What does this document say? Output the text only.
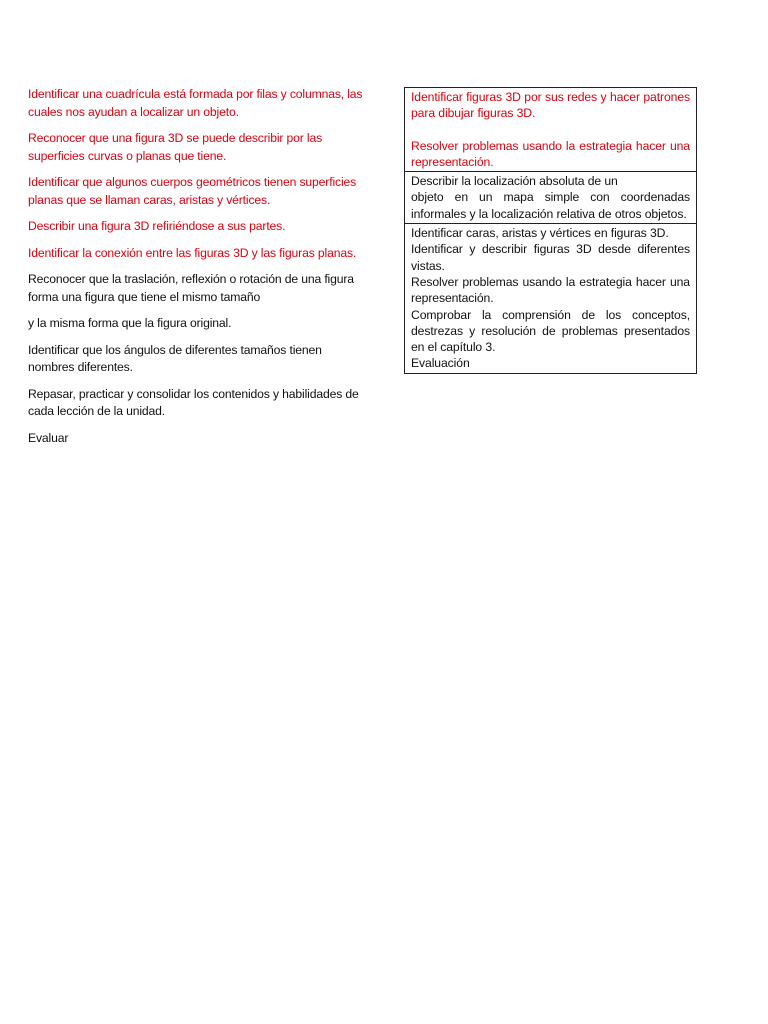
Identificar una cuadrícula está formada por filas y columnas, las cuales nos ayudan a localizar un objeto.

Reconocer que una figura 3D se puede describir por las superficies curvas o planas que tiene.

Identificar que algunos cuerpos geométricos tienen superficies planas que se llaman caras, aristas y vértices.

Describir una figura 3D refiriéndose a sus partes.

Identificar la conexión entre las figuras 3D y las figuras planas.

Reconocer que la traslación, reflexión o rotación de una figura forma una figura que tiene el mismo tamaño

y la misma forma que la figura original.

Identificar que los ángulos de diferentes tamaños tienen nombres diferentes.

Repasar, practicar y consolidar los contenidos y habilidades de cada lección de la unidad.

Evaluar

Identificar figuras 3D por sus redes y hacer patrones para dibujar figuras 3D.

Resolver problemas usando la estrategia hacer una representación.

Describir la localización absoluta de un

objeto en un mapa simple con coordenadas informales y la localización relativa de otros objetos.

Identificar caras, aristas y vértices en figuras 3D.

Identificar y describir figuras 3D desde diferentes vistas.

Resolver problemas usando la estrategia hacer una representación.

Comprobar la comprensión de los conceptos, destrezas y resolución de problemas presentados en el capítulo 3.

Evaluación
